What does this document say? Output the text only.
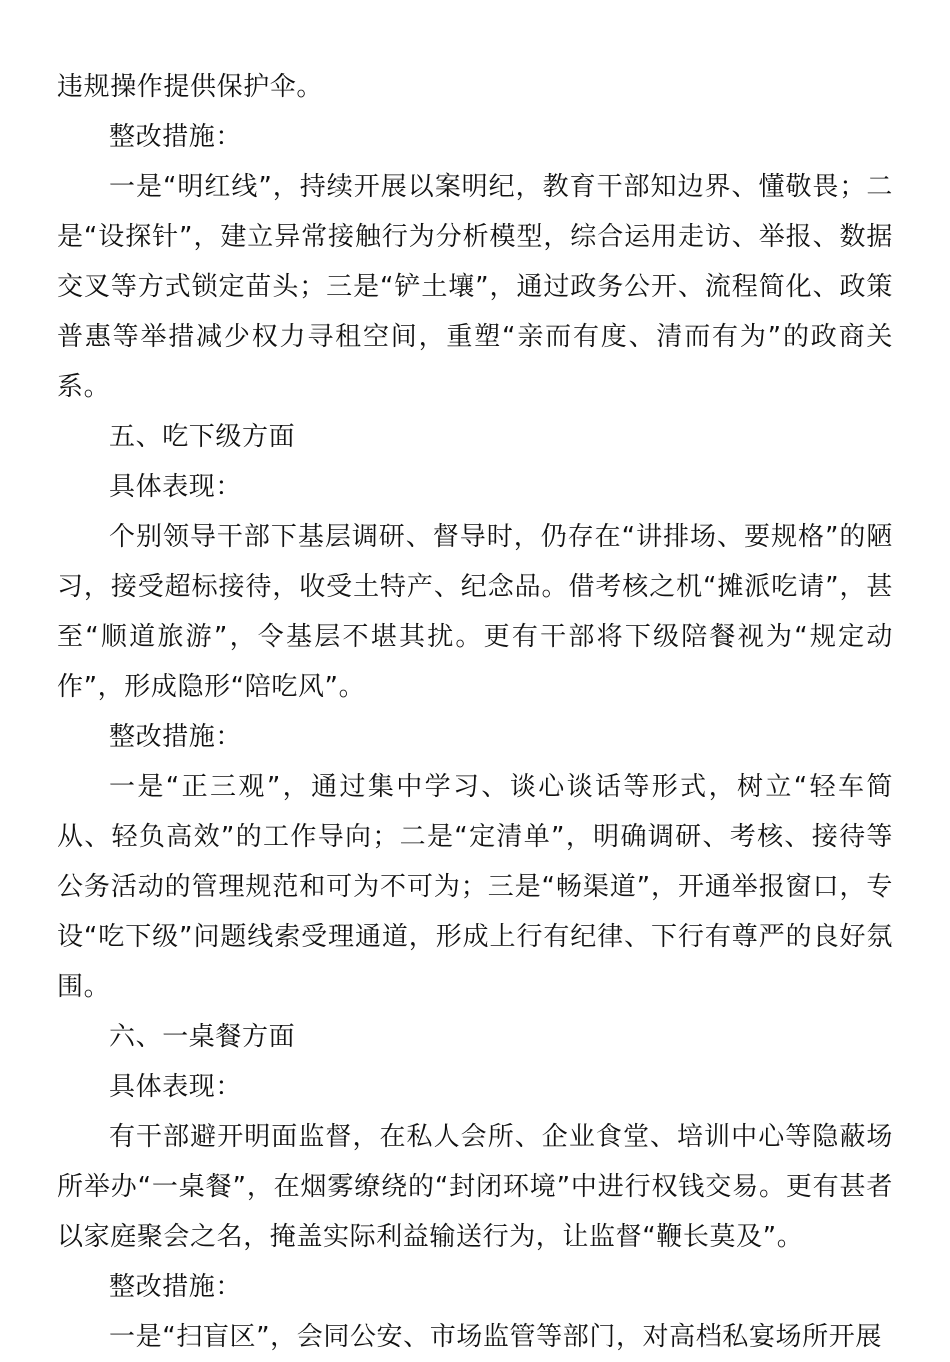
违规操作提供保护伞。

整改措施：

一是“明红线”，持续开展以案明纪，教育干部知边界、懂敬畏；二是“设探针”，建立异常接触行为分析模型，综合运用走访、举报、数据交叉等方式锁定苗头；三是“铲土壤”，通过政务公开、流程简化、政策普惠等举措减少权力寻租空间，重塑“亲而有度、清而有为”的政商关系。

五、吃下级方面

具体表现：

个别领导干部下基层调研、督导时，仍存在“讲排场、要规格”的陋习，接受超标接待，收受土特产、纪念品。借考核之机“摊派吃请”，甚至“顺道旅游”，令基层不堪其扰。更有干部将下级陪餐视为“规定动作”，形成隐形“陪吃风”。

整改措施：

一是“正三观”，通过集中学习、谈心谈话等形式，树立“轻车简从、轻负高效”的工作导向；二是“定清单”，明确调研、考核、接待等公务活动的管理规范和可为不可为；三是“畅渠道”，开通举报窗口，专设“吃下级”问题线索受理通道，形成上行有纪律、下行有尊严的良好氛围。

六、一桌餐方面

具体表现：

有干部避开明面监督，在私人会所、企业食堂、培训中心等隐蔽场所举办“一桌餐”，在烟雾缭绕的“封闭环境”中进行权钱交易。更有甚者以家庭聚会之名，掩盖实际利益输送行为，让监督“鞭长莫及”。

整改措施：

一是“扫盲区”，会同公安、市场监管等部门，对高档私宴场所开展
